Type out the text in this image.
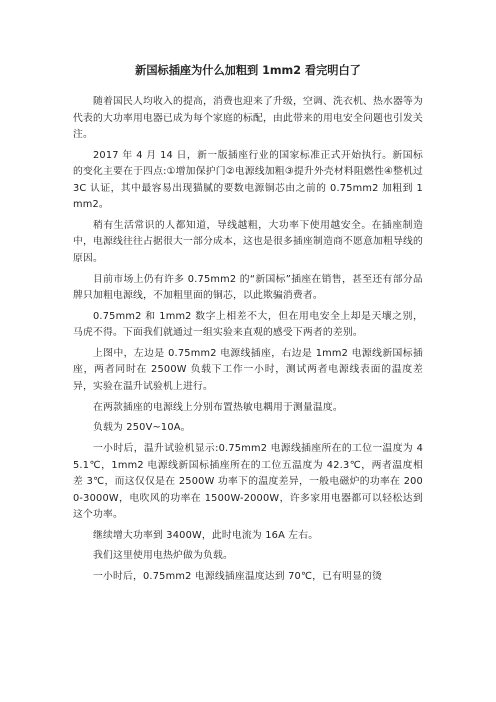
新国标插座为什么加粗到 1mm2 看完明白了

随着国民人均收入的提高，消费也迎来了升级，空调、洗衣机、热水器等为代表的大功率用电器已成为每个家庭的标配，由此带来的用电安全问题也引发关注。

2017 年 4 月 14 日，新一版插座行业的国家标准正式开始执行。新国标的变化主要在于四点:①增加保护门②电源线加粗③提升外壳材料阻燃性④整机过 3C 认证，其中最容易出现猫腻的要数电源铜芯由之前的 0.75mm2 加粗到 1mm2。

稍有生活常识的人都知道，导线越粗，大功率下使用越安全。在插座制造中，电源线往往占据很大一部分成本，这也是很多插座制造商不愿意加粗导线的原因。

目前市场上仍有许多 0.75mm2 的“新国标”插座在销售，甚至还有部分品牌只加粗电源线，不加粗里面的铜芯，以此欺骗消费者。

0.75mm2 和 1mm2 数字上相差不大，但在用电安全上却是天壤之别，马虎不得。下面我们就通过一组实验来直观的感受下两者的差别。

上图中，左边是 0.75mm2 电源线插座，右边是 1mm2 电源线新国标插座，两者同时在 2500W 负载下工作一小时，测试两者电源线表面的温度差异，实验在温升试验机上进行。

在两款插座的电源线上分别布置热敏电耦用于测量温度。

负载为 250V~10A。

一小时后，温升试验机显示:0.75mm2 电源线插座所在的工位一温度为 45.1℃，1mm2 电源线新国标插座所在的工位五温度为 42.3℃，两者温度相差 3℃，而这仅仅是在 2500W 功率下的温度差异，一般电磁炉的功率在 2000-3000W，电吹风的功率在 1500W-2000W，许多家用电器都可以轻松达到这个功率。

继续增大功率到 3400W，此时电流为 16A 左右。

我们这里使用电热炉做为负载。

一小时后，0.75mm2 电源线插座温度达到 70℃，已有明显的烫
